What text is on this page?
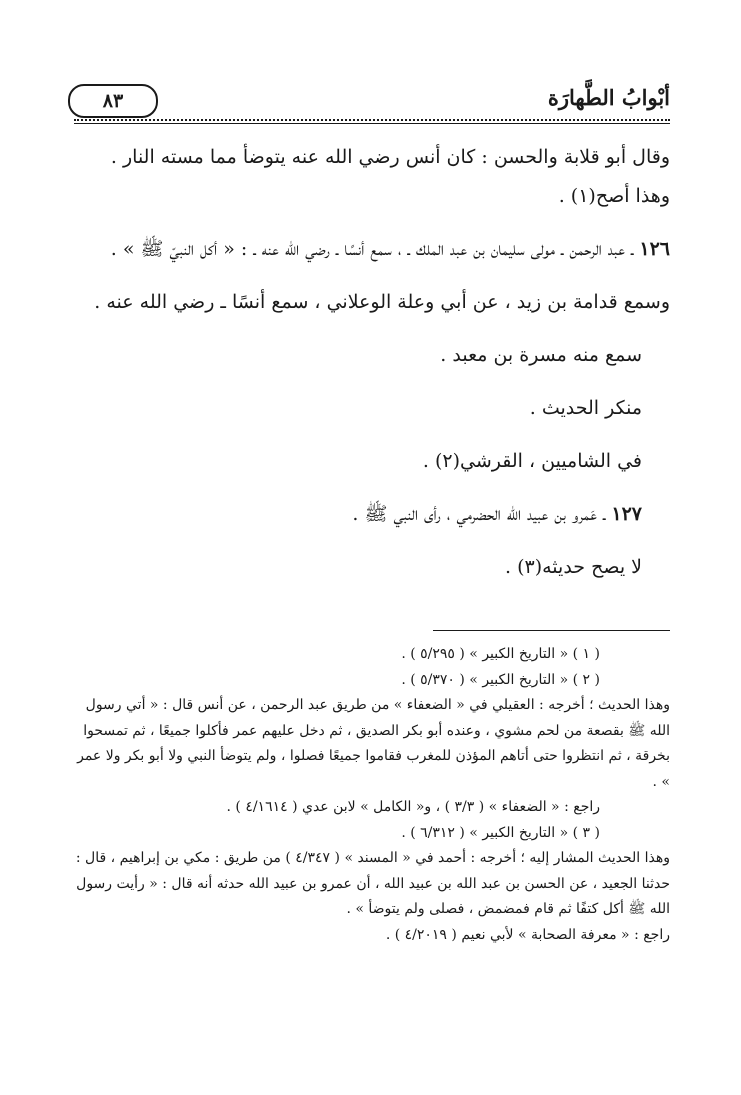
٨٣	أبْوابُ الطَّهارَة

وقال أبو قلابة والحسن : كان أنس رضي الله عنه يتوضأ مما مسته النار .

وهذا أصح(١) .

١٢٦ ـ عبد الرحمن ـ مولى سليمان بن عبد الملك ـ ، سمع أنسًا ـ رضي الله عنه ـ : « أكل النبيّ ﷺ » .

وسمع قدامة بن زيد ، عن أبي وعلة الوعلاني ، سمع أنسًا ـ رضي الله عنه .

سمع منه مسرة بن معبد .

منكر الحديث .

في الشاميين ، القرشي(٢) .

١٢٧ ـ عَمرو بن عبيد الله الحضرمي ، رأى النبي ﷺ .

لا يصح حديثه(٣) .

( ١ ) « التاريخ الكبير » ( ٥/٢٩٥ ) .

( ٢ ) « التاريخ الكبير » ( ٥/٣٧٠ ) .

وهذا الحديث ؛ أخرجه : العقيلي في « الضعفاء » من طريق عبد الرحمن ، عن أنس قال : « أتي رسول الله ﷺ بقصعة من لحم مشوي ، وعنده أبو بكر الصديق ، ثم دخل عليهم عمر فأكلوا جميعًا ، ثم تمسحوا بخرقة ، ثم انتظروا حتى أتاهم المؤذن للمغرب فقاموا جميعًا فصلوا ، ولم يتوضأ النبي ولا أبو بكر ولا عمر » .

راجع : « الضعفاء » ( ٣/٣ ) ، و« الكامل » لابن عدي ( ٤/١٦١٤ ) .

( ٣ ) « التاريخ الكبير » ( ٦/٣١٢ ) .

وهذا الحديث المشار إليه ؛ أخرجه : أحمد في « المسند » ( ٤/٣٤٧ ) من طريق : مكي بن إبراهيم ، قال : حدثنا الجعيد ، عن الحسن بن عبد الله بن عبيد الله ، أن عمرو بن عبيد الله حدثه أنه قال : « رأيت رسول الله ﷺ أكل كتفًا ثم قام فمضمض ، فصلى ولم يتوضأ » .

راجع : « معرفة الصحابة » لأبي نعيم ( ٤/٢٠١٩ ) .
